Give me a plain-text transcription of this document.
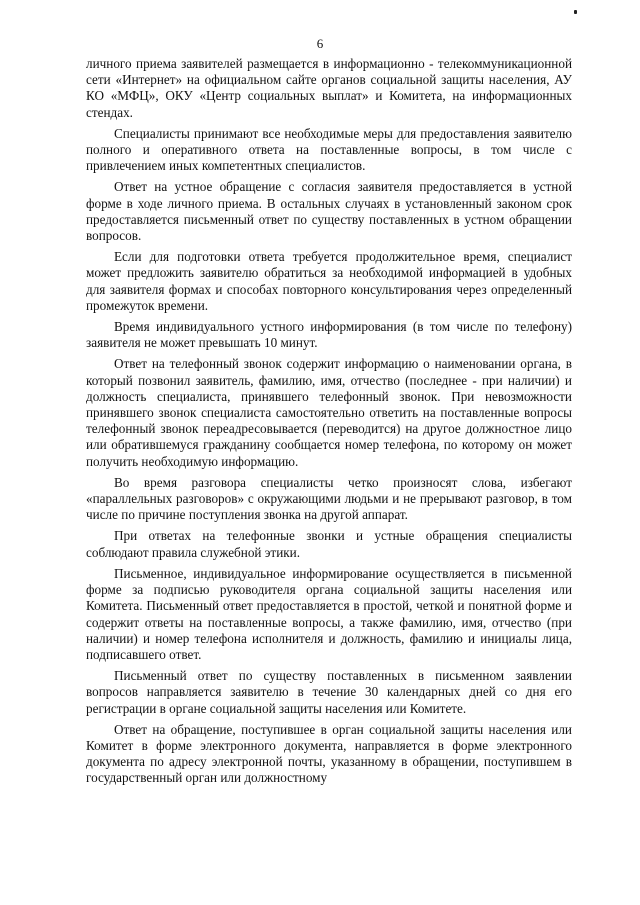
6

личного приема заявителей размещается в информационно - телекоммуникационной сети «Интернет» на официальном сайте органов социальной защиты населения, АУ КО «МФЦ», ОКУ «Центр социальных выплат» и Комитета, на информационных стендах.

Специалисты принимают все необходимые меры для предоставления заявителю полного и оперативного ответа на поставленные вопросы, в том числе с привлечением иных компетентных специалистов.

Ответ на устное обращение с согласия заявителя предоставляется в устной форме в ходе личного приема. В остальных случаях в установленный законом срок предоставляется письменный ответ по существу поставленных в устном обращении вопросов.

Если для подготовки ответа требуется продолжительное время, специалист может предложить заявителю обратиться за необходимой информацией в удобных для заявителя формах и способах повторного консультирования через определенный промежуток времени.

Время индивидуального устного информирования (в том числе по телефону) заявителя не может превышать 10 минут.

Ответ на телефонный звонок содержит информацию о наименовании органа, в который позвонил заявитель, фамилию, имя, отчество (последнее - при наличии) и должность специалиста, принявшего телефонный звонок. При невозможности принявшего звонок специалиста самостоятельно ответить на поставленные вопросы телефонный звонок переадресовывается (переводится) на другое должностное лицо или обратившемуся гражданину сообщается номер телефона, по которому он может получить необходимую информацию.

Во время разговора специалисты четко произносят слова, избегают «параллельных разговоров» с окружающими людьми и не прерывают разговор, в том числе по причине поступления звонка на другой аппарат.

При ответах на телефонные звонки и устные обращения специалисты соблюдают правила служебной этики.

Письменное, индивидуальное информирование осуществляется в письменной форме за подписью руководителя органа социальной защиты населения или Комитета. Письменный ответ предоставляется в простой, четкой и понятной форме и содержит ответы на поставленные вопросы, а также фамилию, имя, отчество (при наличии) и номер телефона исполнителя и должность, фамилию и инициалы лица, подписавшего ответ.

Письменный ответ по существу поставленных в письменном заявлении вопросов направляется заявителю в течение 30 календарных дней со дня его регистрации в органе социальной защиты населения или Комитете.

Ответ на обращение, поступившее в орган социальной защиты населения или Комитет в форме электронного документа, направляется в форме электронного документа по адресу электронной почты, указанному в обращении, поступившем в государственный орган или должностному
